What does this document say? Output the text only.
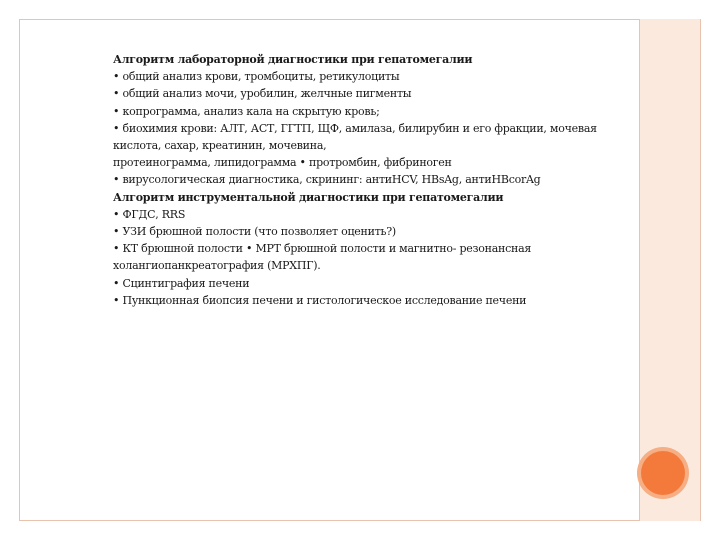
Алгоритм лабораторной диагностики при гепатомегалии
• общий анализ крови, тромбоциты, ретикулоциты
• общий анализ мочи, уробилин, желчные пигменты
• копрограмма, анализ кала на скрытую кровь;
• биохимия крови: АЛТ, АСТ, ГГТП, ЩФ, амилаза, билирубин и его фракции, мочевая
кислота, сахар, креатинин, мочевина,
протеинограмма, липидограмма • протромбин, фибриноген
• вирусологическая диагностика, скрининг: антиHCV, HBsAg, антиHBcorAg
Алгоритм инструментальной диагностики при гепатомегалии
• ФГДС, RRS
• УЗИ брюшной полости (что позволяет оценить?)
• КТ брюшной полости • МРТ брюшной полости и магнитно- резонансная
холангиопанкреатография (МРХПГ).
• Сцинтиграфия печени
• Пункционная биопсия печени и гистологическое исследование печени
